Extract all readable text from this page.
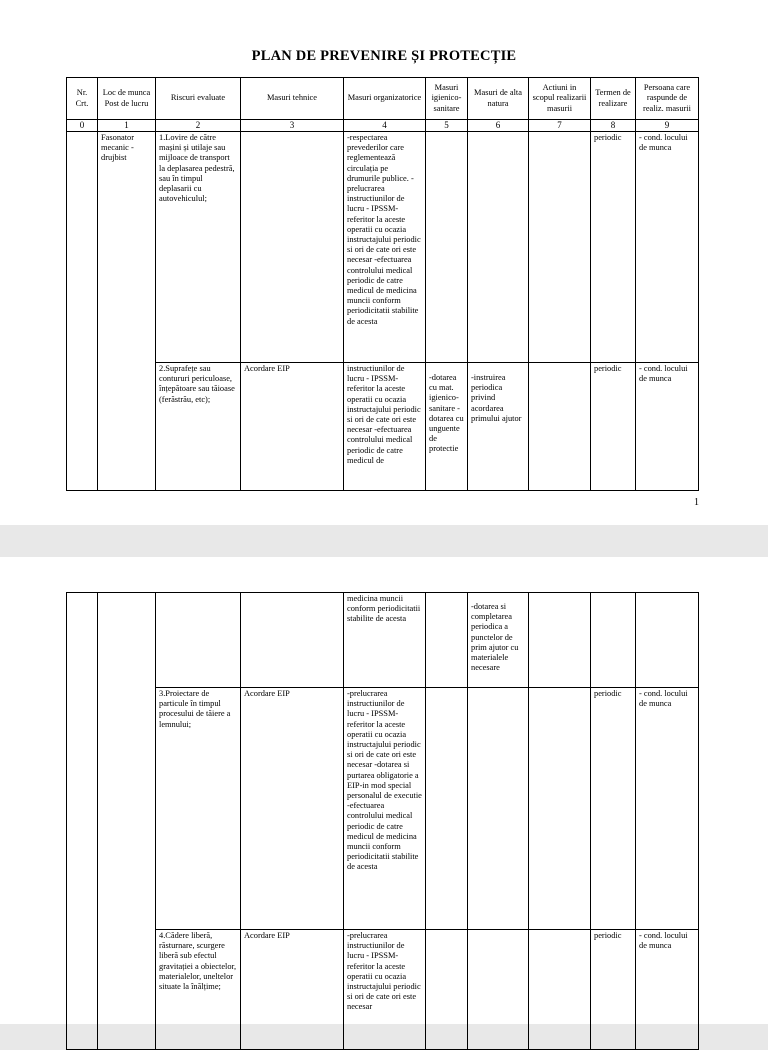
PLAN DE PREVENIRE ȘI PROTECȚIE
Nr. Crt.	Loc de munca Post de lucru	Riscuri evaluate	Masuri tehnice	Masuri organizatorice	Masuri igienico-sanitare	Masuri de alta natura	Actiuni in scopul realizarii masurii	Termen de realizare	Persoana care raspunde de realiz. masurii
0	1	2	3	4	5	6	7	8	9
	Fasonator mecanic - drujbist	1.Lovire de către mașini și utilaje sau mijloace de transport la deplasarea pedestră, sau în timpul deplasarii cu autovehiculul;		-respectarea prevederilor care reglementează circulația pe drumurile publice. -prelucrarea instructiunilor de lucru - IPSSM-referitor la aceste operatii cu ocazia instructajului periodic si ori de cate ori este necesar -efectuarea controlului medical periodic de catre medicul de medicina muncii conform periodicitatii stabilite de acesta				periodic	- cond. locului de munca
		2.Suprafețe sau contururi periculoase, înțepătoare sau tăioase (ferăstrău, etc);	Acordare EIP	instructiunilor de lucru - IPSSM-referitor la aceste operatii cu ocazia instructajului periodic si ori de cate ori este necesar -efectuarea controlului medical periodic de catre medicul de	-dotarea cu mat. igienico-sanitare -dotarea cu unguente de protectie	-instruirea periodica privind acordarea primului ajutor		periodic	- cond. locului de munca
1
				medicina muncii conform periodicitatii stabilite de acesta		-dotarea si completarea periodica a punctelor de prim ajutor cu materialele necesare			
		3.Proiectare de particule în timpul procesului de tăiere a lemnului;	Acordare EIP	-prelucrarea instructiunilor de lucru - IPSSM-referitor la aceste operatii cu ocazia instructajului periodic si ori de cate ori este necesar -dotarea si purtarea obligatorie a EIP-in mod special personalul de executie -efectuarea controlului medical periodic de catre medicul de medicina muncii conform periodicitatii stabilite de acesta				periodic	- cond. locului de munca
		4.Cădere liberă, răsturnare, scurgere liberă sub efectul gravitației a obiectelor, materialelor, uneltelor situate la înălțime;	Acordare EIP	-prelucrarea instructiunilor de lucru - IPSSM-referitor la aceste operatii cu ocazia instructajului periodic si ori de cate ori este necesar				periodic	- cond. locului de munca
